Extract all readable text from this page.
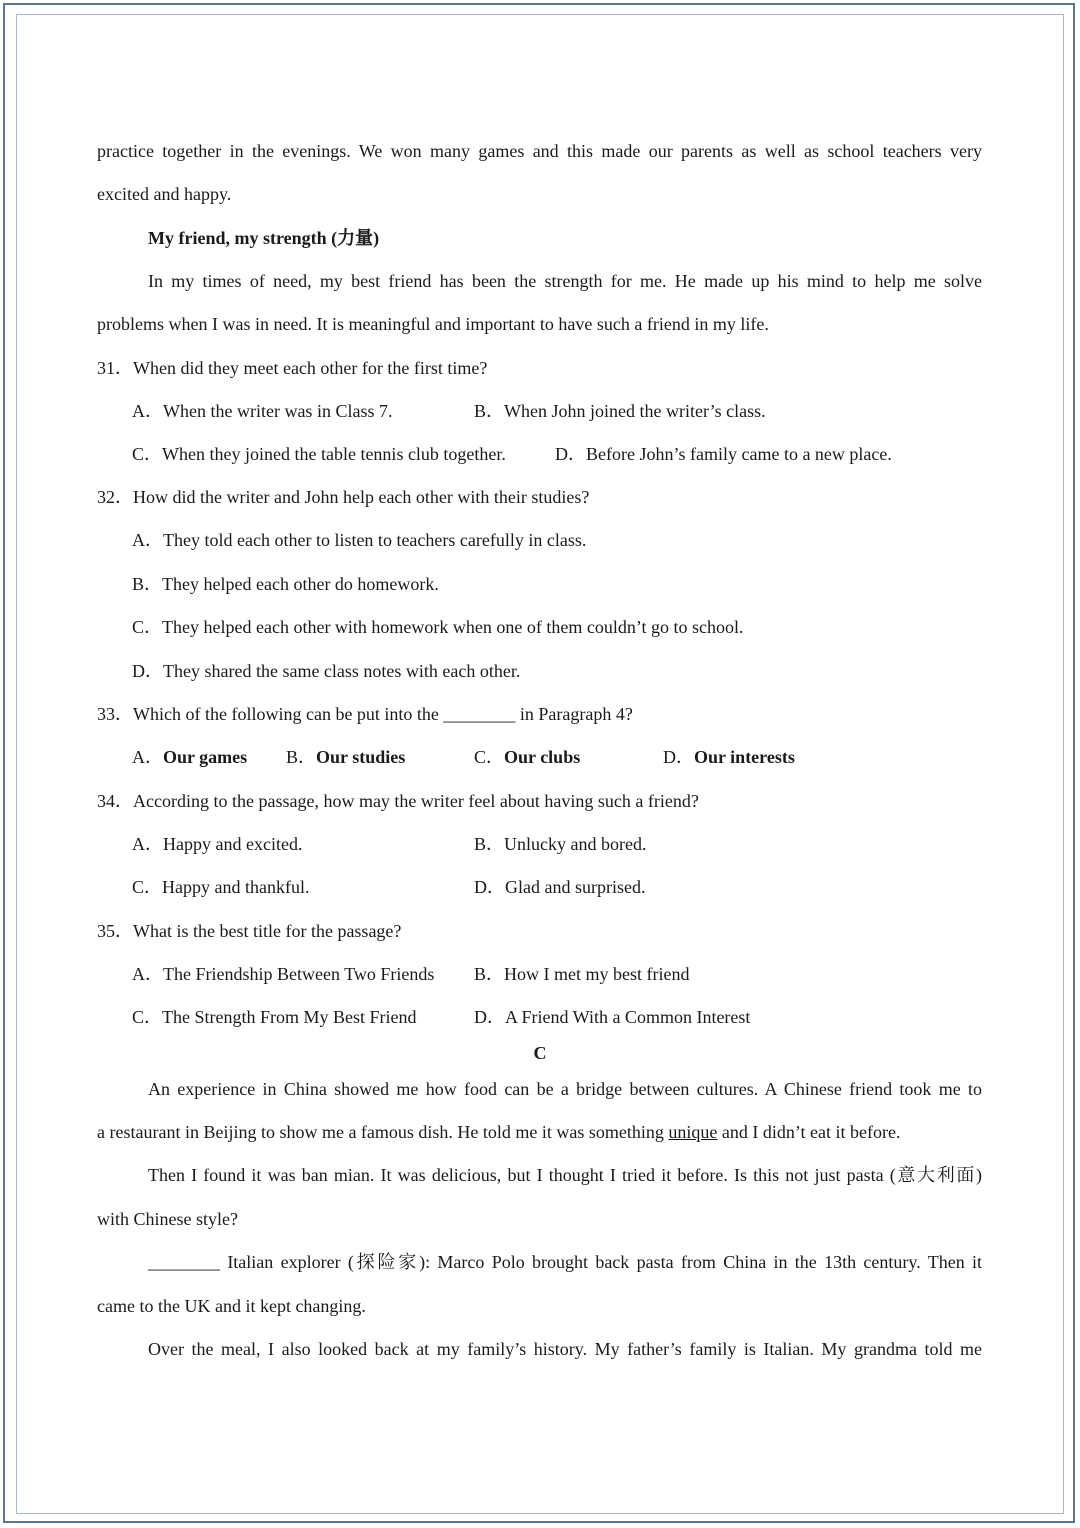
practice together in the evenings. We won many games and this made our parents as well as school teachers very
excited and happy.
My friend, my strength (力量)
In my times of need, my best friend has been the strength for me. He made up his mind to help me solve
problems when I was in need. It is meaningful and important to have such a friend in my life.
31．When did they meet each other for the first time?
A．When the writer was in Class 7.	B．When John joined the writer’s class.
C．When they joined the table tennis club together.	D．Before John’s family came to a new place.
32．How did the writer and John help each other with their studies?
A．They told each other to listen to teachers carefully in class.
B．They helped each other do homework.
C．They helped each other with homework when one of them couldn’t go to school.
D．They shared the same class notes with each other.
33．Which of the following can be put into the ________ in Paragraph 4?
A．Our games B．Our studies	C．Our clubs	D．Our interests
34．According to the passage, how may the writer feel about having such a friend?
A．Happy and excited.	B．Unlucky and bored.
C．Happy and thankful.	D．Glad and surprised.
35．What is the best title for the passage?
A．The Friendship Between Two Friends B．How I met my best friend
C．The Strength From My Best Friend	D．A Friend With a Common Interest
C
An experience in China showed me how food can be a bridge between cultures. A Chinese friend took me to
a restaurant in Beijing to show me a famous dish. He told me it was something unique and I didn’t eat it before.
Then I found it was ban mian. It was delicious, but I thought I tried it before. Is this not just pasta (意大利面)
with Chinese style?
________ Italian explorer (探险家): Marco Polo brought back pasta from China in the 13th century. Then it
came to the UK and it kept changing.
Over the meal, I also looked back at my family’s history. My father’s family is Italian. My grandma told me
